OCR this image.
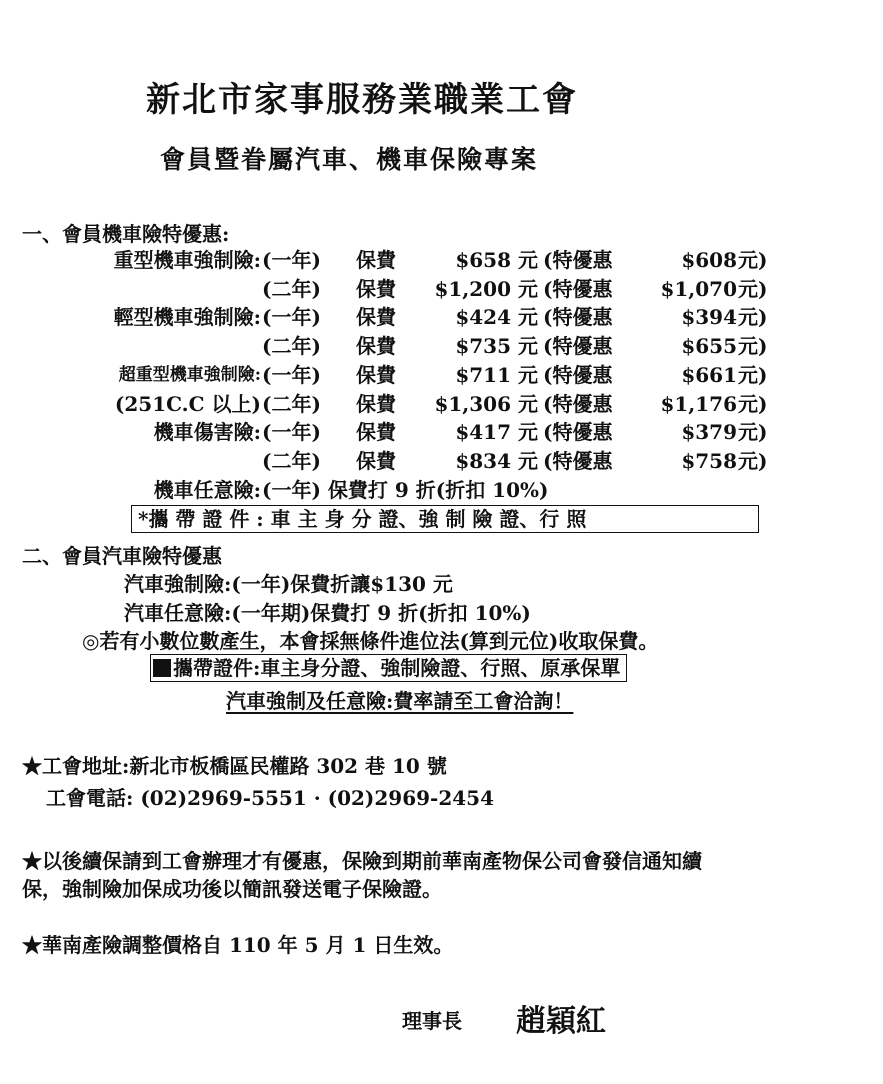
新北市家事服務業職業工會
會員暨眷屬汽車、機車保險專案
一、會員機車險特優惠:
重型機車強制險: (一年) 保費	$658 元 (特優惠	$608 元)
(二年) 保費 $1,200 元 (特優惠 $1,070 元)
輕型機車強制險: (一年) 保費	$424 元 (特優惠	$394 元)
(二年) 保費	$735 元 (特優惠	$655 元)
超重型機車強制險: (一年) 保費	$711 元 (特優惠	$661 元)
(251C.C 以上) (二年) 保費 $1,306 元 (特優惠 $1,176 元)
機車傷害險: (一年) 保費	$417 元 (特優惠	$379 元)
(二年) 保費	$834 元 (特優惠	$758 元)
機車任意險: (一年) 保費打 9 折(折扣 10%)
*攜 帶 證 件 : 車 主 身 分 證、強 制 險 證、行 照
二、會員汽車險特優惠
汽車強制險:(一年)保費折讓$130 元
汽車任意險:(一年期)保費打 9 折(折扣 10%)
◎若有小數位數產生，本會採無條件進位法(算到元位)收取保費。
攜帶證件:車主身分證、強制險證、行照、原承保單
汽車強制及任意險:費率請至工會洽詢！
★工會地址:新北市板橋區民權路 302 巷 10 號
工會電話: (02)2969-5551 · (02)2969-2454
★以後續保請到工會辦理才有優惠，保險到期前華南產物保公司會發信通知續
保，強制險加保成功後以簡訊發送電子保險證。
★華南產險調整價格自 110 年 5 月 1 日生效。
理事長 趙穎紅
